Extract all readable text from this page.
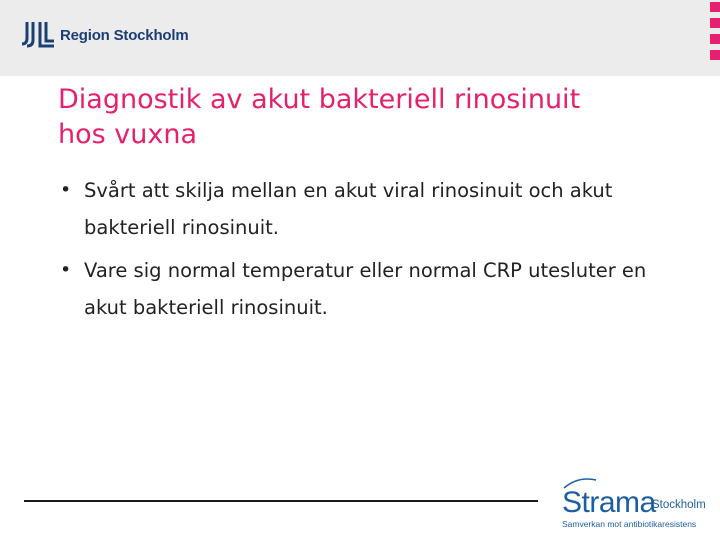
Region Stockholm
Diagnostik av akut bakteriell rinosinuit
hos vuxna
• Svårt att skilja mellan en akut viral rinosinuit och akut bakteriell rinosinuit.
• Vare sig normal temperatur eller normal CRP utesluter en akut bakteriell rinosinuit.
Strama
Stockholm
Samverkan mot antibiotikaresistens
